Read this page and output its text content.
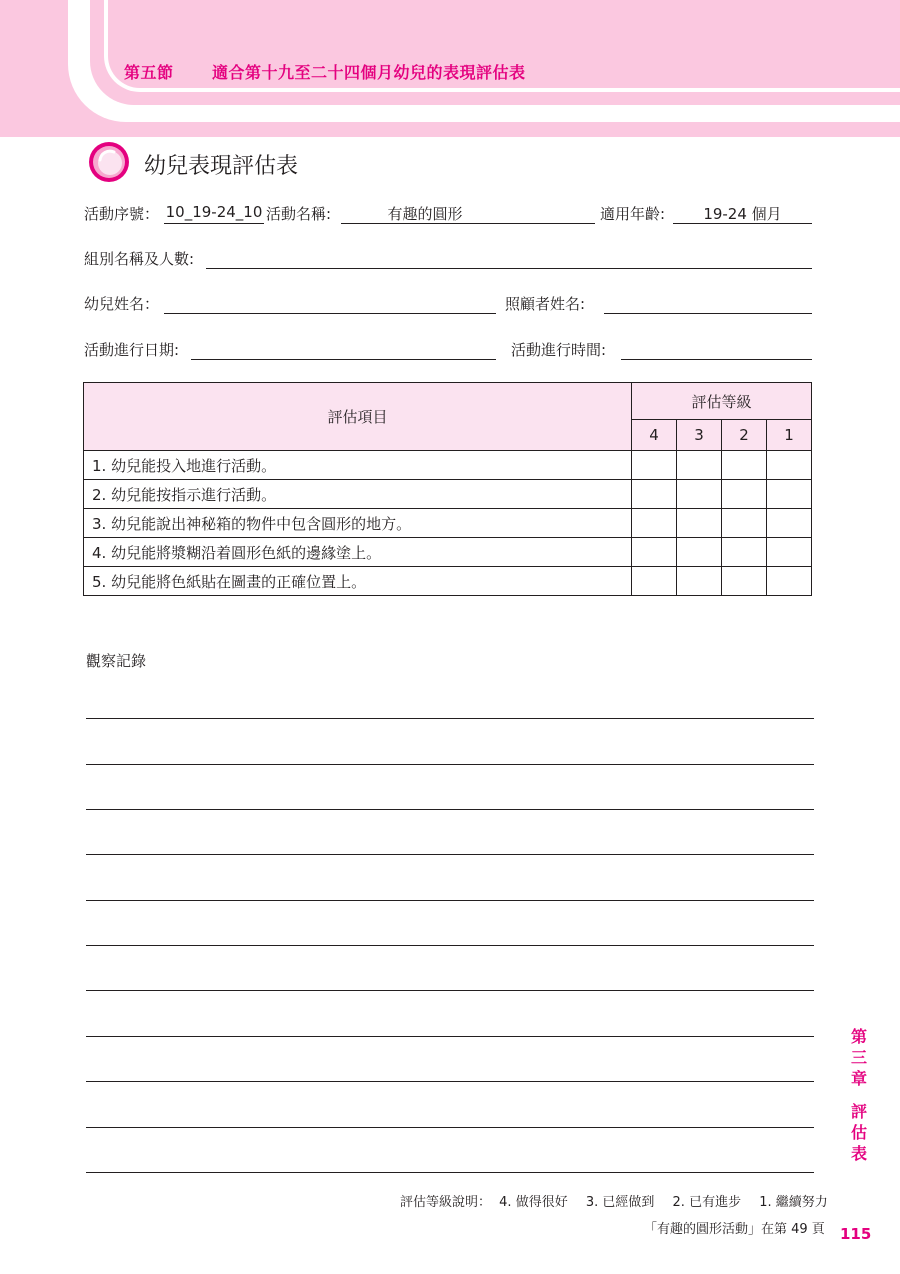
第五節 適合第十九至二十四個月幼兒的表現評估表
幼兒表現評估表
活動序號： 10_19-24_10 活動名稱:	有趣的圓形	適用年齡:	19-24 個月
組別名稱及人數:
幼兒姓名：	照顧者姓名:
活動進行日期:	活動進行時間:
評估項目	評估等級			
	4	3	2	1
1. 幼兒能投入地進行活動。				
2. 幼兒能按指示進行活動。				
3. 幼兒能說出神秘箱的物件中包含圓形的地方。				
4. 幼兒能將漿糊沿着圓形色紙的邊緣塗上。				
5. 幼兒能將色紙貼在圖畫的正確位置上。				
觀察記錄
第
三
章
評
估
表
評估等級說明： 4. 做得很好 3. 已經做到 2. 已有進步 1. 繼續努力
「有趣的圓形活動」在第 49 頁 115
